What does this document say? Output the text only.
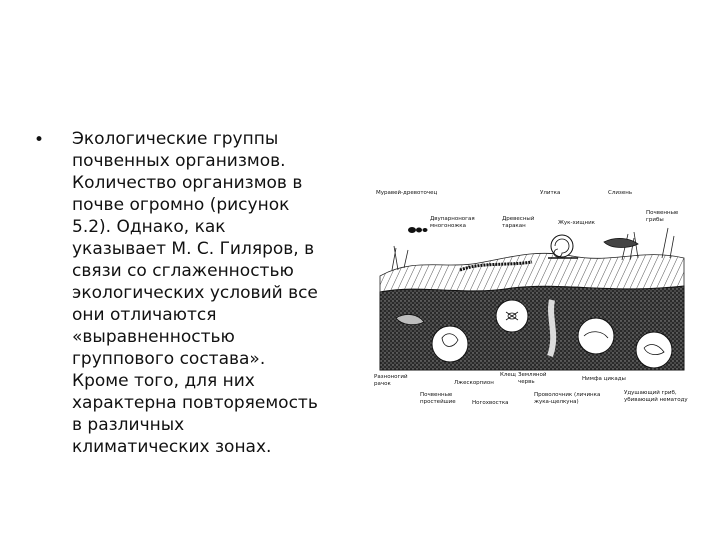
• Экологические группы
почвенных организмов.
Количество организмов в
почве огромно (рисунок
5.2). Однако, как
указывает М. С. Гиляров, в
связи со сглаженностью
экологических условий все
они отличаются
«выравненностью
группового состава».
Кроме того, для них
характерна повторяемость
в различных
климатических зонах.
Муравей-древоточец	Улитка	Слизень
Двупарноногая многоножка
Древесный таракан	Жук-хищник
Почвенные грибы
Разноногий рачок
Почвенные простейшие
Лжескорпион
Клещ
Ногохвостка
Земляной червь
Проволочник (личинка жука-щелкуна)
Нимфа цикады
Удушающий гриб, убивающий нематоду
